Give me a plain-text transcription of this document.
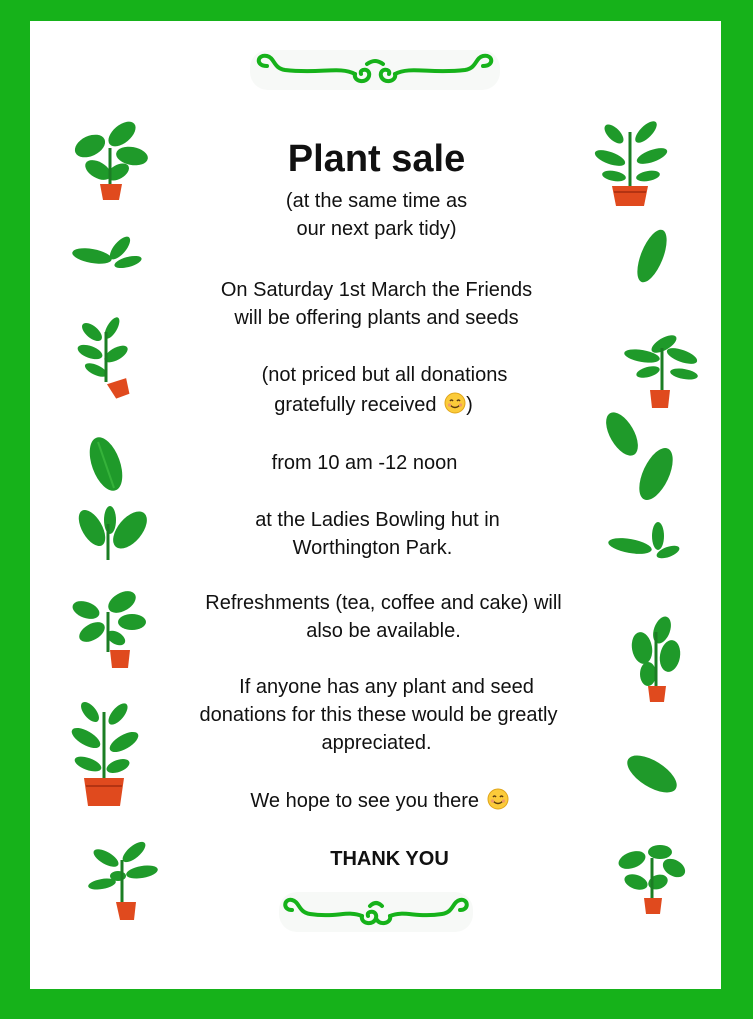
Plant sale

(at the same time as

our next park tidy)

On Saturday 1st March the Friends

will be offering plants and seeds

(not priced but all donations

gratefully received )

from 10 am -12 noon

at the Ladies Bowling hut in

Worthington Park.

Refreshments (tea, coffee and cake) will

also be available.

If anyone has any plant and seed

donations for this these would be greatly

appreciated.

We hope to see you there

THANK YOU
